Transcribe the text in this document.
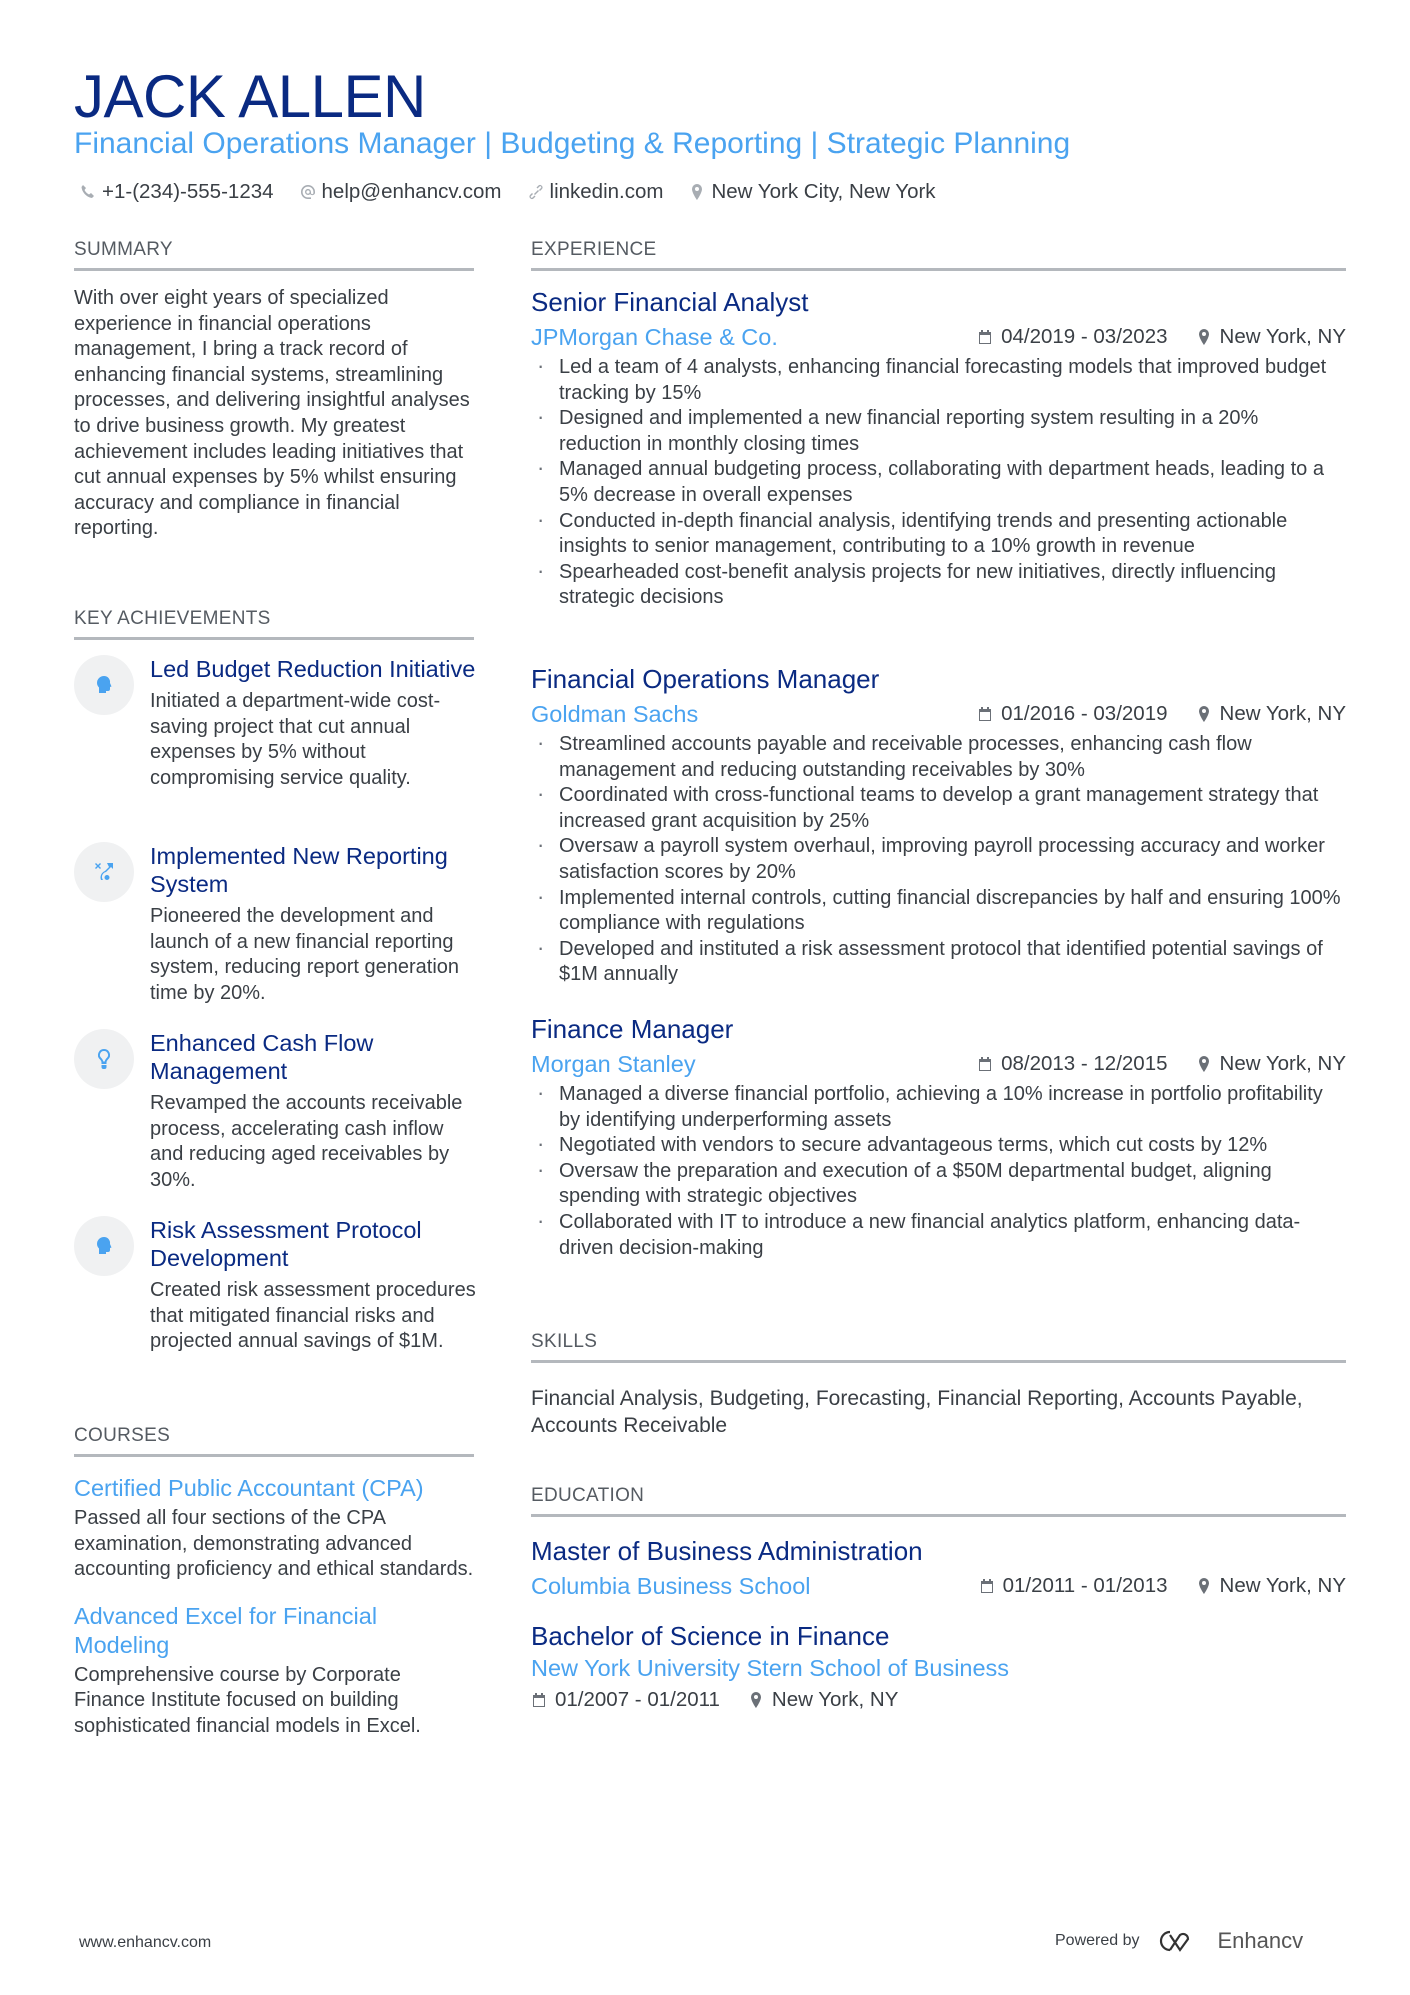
JACK ALLEN
Financial Operations Manager | Budgeting & Reporting | Strategic Planning
+1-(234)-555-1234 help@enhancv.com linkedin.com New York City, New York
SUMMARY
With over eight years of specialized experience in financial operations management, I bring a track record of enhancing financial systems, streamlining processes, and delivering insightful analyses to drive business growth. My greatest achievement includes leading initiatives that cut annual expenses by 5% whilst ensuring accuracy and compliance in financial reporting.
KEY ACHIEVEMENTS
Led Budget Reduction Initiative
Initiated a department-wide cost-saving project that cut annual expenses by 5% without compromising service quality.
Implemented New Reporting System
Pioneered the development and launch of a new financial reporting system, reducing report generation time by 20%.
Enhanced Cash Flow Management
Revamped the accounts receivable process, accelerating cash inflow and reducing aged receivables by 30%.
Risk Assessment Protocol Development
Created risk assessment procedures that mitigated financial risks and projected annual savings of $1M.
COURSES
Certified Public Accountant (CPA)
Passed all four sections of the CPA examination, demonstrating advanced accounting proficiency and ethical standards.
Advanced Excel for Financial Modeling
Comprehensive course by Corporate Finance Institute focused on building sophisticated financial models in Excel.
EXPERIENCE
Senior Financial Analyst
JPMorgan Chase & Co.	04/2019 - 03/2023	New York, NY
· Led a team of 4 analysts, enhancing financial forecasting models that improved budget tracking by 15%
· Designed and implemented a new financial reporting system resulting in a 20% reduction in monthly closing times
· Managed annual budgeting process, collaborating with department heads, leading to a 5% decrease in overall expenses
· Conducted in-depth financial analysis, identifying trends and presenting actionable insights to senior management, contributing to a 10% growth in revenue
· Spearheaded cost-benefit analysis projects for new initiatives, directly influencing strategic decisions
Financial Operations Manager
Goldman Sachs	01/2016 - 03/2019	New York, NY
· Streamlined accounts payable and receivable processes, enhancing cash flow management and reducing outstanding receivables by 30%
· Coordinated with cross-functional teams to develop a grant management strategy that increased grant acquisition by 25%
· Oversaw a payroll system overhaul, improving payroll processing accuracy and worker satisfaction scores by 20%
· Implemented internal controls, cutting financial discrepancies by half and ensuring 100% compliance with regulations
· Developed and instituted a risk assessment protocol that identified potential savings of $1M annually
Finance Manager
Morgan Stanley	08/2013 - 12/2015	New York, NY
· Managed a diverse financial portfolio, achieving a 10% increase in portfolio profitability by identifying underperforming assets
· Negotiated with vendors to secure advantageous terms, which cut costs by 12%
· Oversaw the preparation and execution of a $50M departmental budget, aligning spending with strategic objectives
· Collaborated with IT to introduce a new financial analytics platform, enhancing data-driven decision-making
SKILLS
Financial Analysis, Budgeting, Forecasting, Financial Reporting, Accounts Payable, Accounts Receivable
EDUCATION
Master of Business Administration
Columbia Business School	01/2011 - 01/2013	New York, NY
Bachelor of Science in Finance
New York University Stern School of Business
01/2007 - 01/2011	New York, NY
www.enhancv.com	Powered by	Enhancv
